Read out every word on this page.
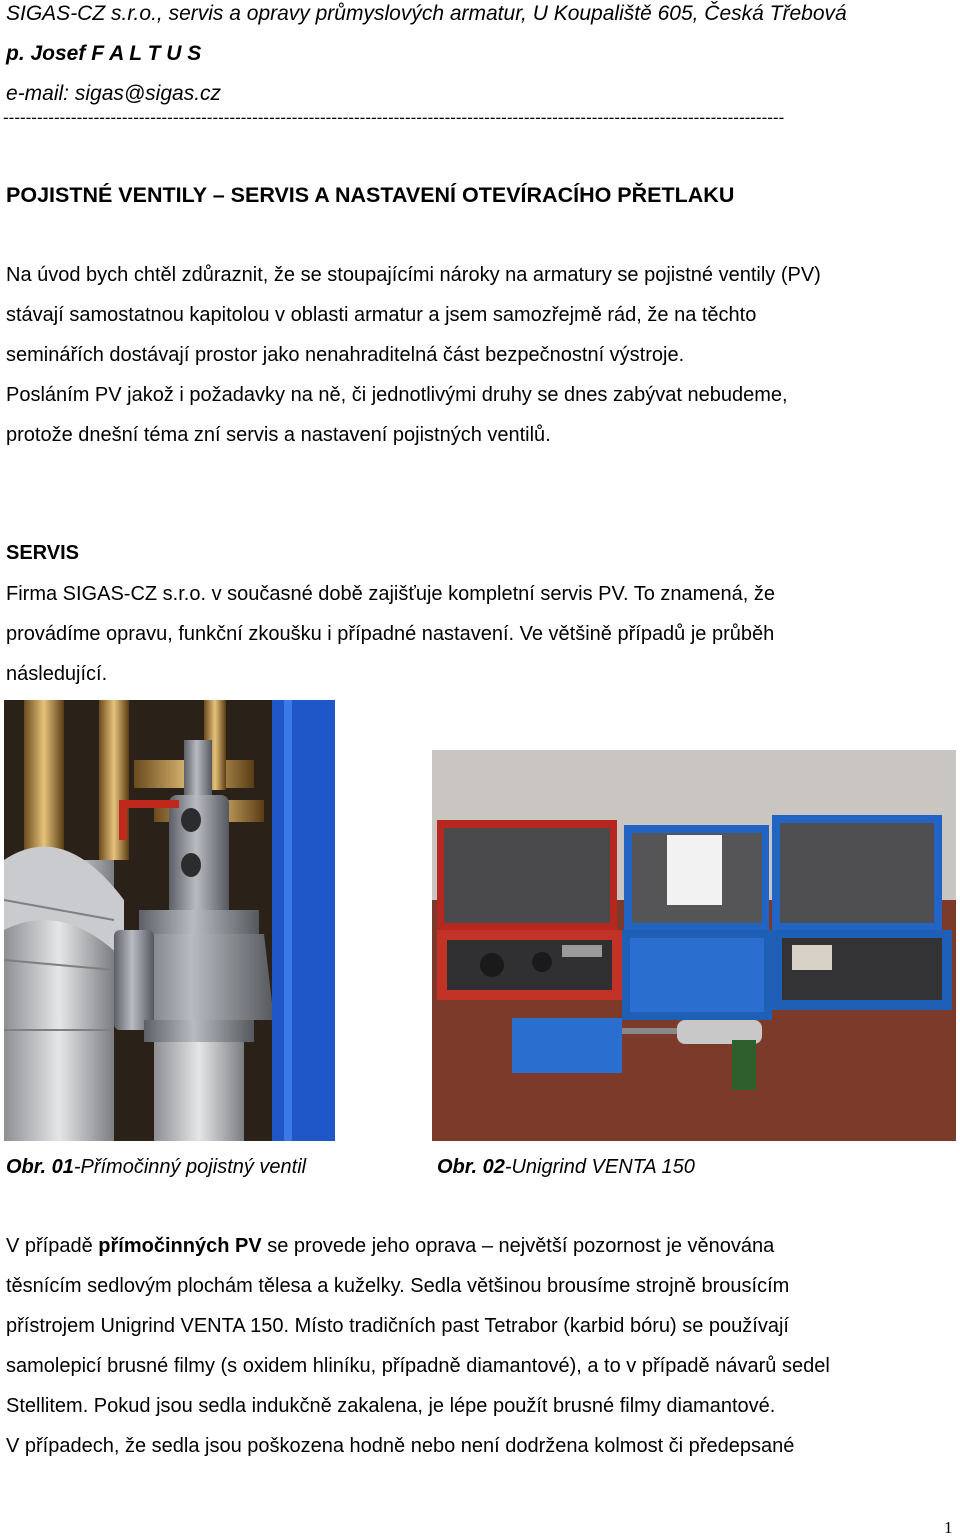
SIGAS-CZ s.r.o., servis a opravy průmyslových armatur, U Koupaliště 605, Česká Třebová
p. Josef F A L T U S
e-mail: sigas@sigas.cz
------------------------------------------------------------------------------------------------------------------------------------------
POJISTNÉ VENTILY – SERVIS A NASTAVENÍ OTEVÍRACÍHO PŘETLAKU
Na úvod bych chtěl zdůraznit, že se stoupajícími nároky na armatury se pojistné ventily (PV)
stávají samostatnou kapitolou v oblasti armatur a jsem samozřejmě rád, že na těchto
seminářích dostávají prostor jako nenahraditelná část bezpečnostní výstroje.
Posláním PV jakož i požadavky na ně, či jednotlivými druhy se dnes zabývat nebudeme,
protože dnešní téma zní servis a nastavení pojistných ventilů.
SERVIS
Firma SIGAS-CZ s.r.o. v současné době zajišťuje kompletní servis PV. To znamená, že
provádíme opravu, funkční zkoušku i případné nastavení. Ve většině případů je průběh
následující.
Obr. 01-Přímočinný pojistný ventil	Obr. 02-Unigrind VENTA 150
V případě přímočinných PV se provede jeho oprava – největší pozornost je věnována
těsnícím sedlovým plochám tělesa a kuželky. Sedla většinou brousíme strojně brousícím
přístrojem Unigrind VENTA 150. Místo tradičních past Tetrabor (karbid bóru) se používají
samolepicí brusné filmy (s oxidem hliníku, případně diamantové), a to v případě návarů sedel
Stellitem. Pokud jsou sedla indukčně zakalena, je lépe použít brusné filmy diamantové.
V případech, že sedla jsou poškozena hodně nebo není dodržena kolmost či předepsané
1
